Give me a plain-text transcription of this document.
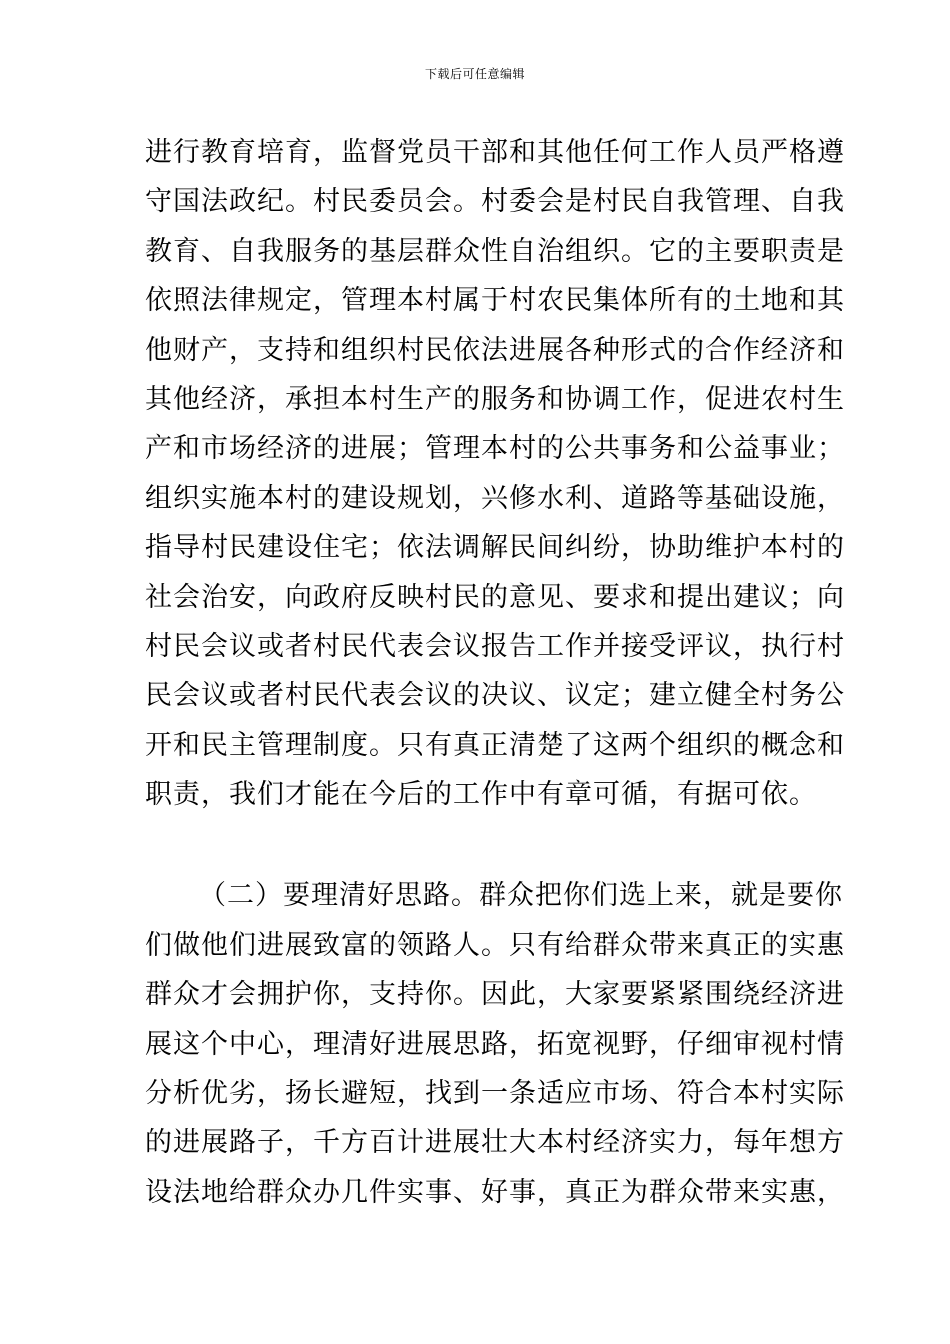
下载后可任意编辑
进行教育培育，监督党员干部和其他任何工作人员严格遵
守国法政纪。村民委员会。村委会是村民自我管理、自我
教育、自我服务的基层群众性自治组织。它的主要职责是
依照法律规定，管理本村属于村农民集体所有的土地和其
他财产，支持和组织村民依法进展各种形式的合作经济和
其他经济，承担本村生产的服务和协调工作，促进农村生
产和市场经济的进展；管理本村的公共事务和公益事业；
组织实施本村的建设规划，兴修水利、道路等基础设施，
指导村民建设住宅；依法调解民间纠纷，协助维护本村的
社会治安，向政府反映村民的意见、要求和提出建议；向
村民会议或者村民代表会议报告工作并接受评议，执行村
民会议或者村民代表会议的决议、议定；建立健全村务公
开和民主管理制度。只有真正清楚了这两个组织的概念和
职责，我们才能在今后的工作中有章可循，有据可依。
（二）要理清好思路。群众把你们选上来，就是要你
们做他们进展致富的领路人。只有给群众带来真正的实惠
群众才会拥护你，支持你。因此，大家要紧紧围绕经济进
展这个中心，理清好进展思路，拓宽视野，仔细审视村情
分析优劣，扬长避短，找到一条适应市场、符合本村实际
的进展路子，千方百计进展壮大本村经济实力，每年想方
设法地给群众办几件实事、好事，真正为群众带来实惠，
